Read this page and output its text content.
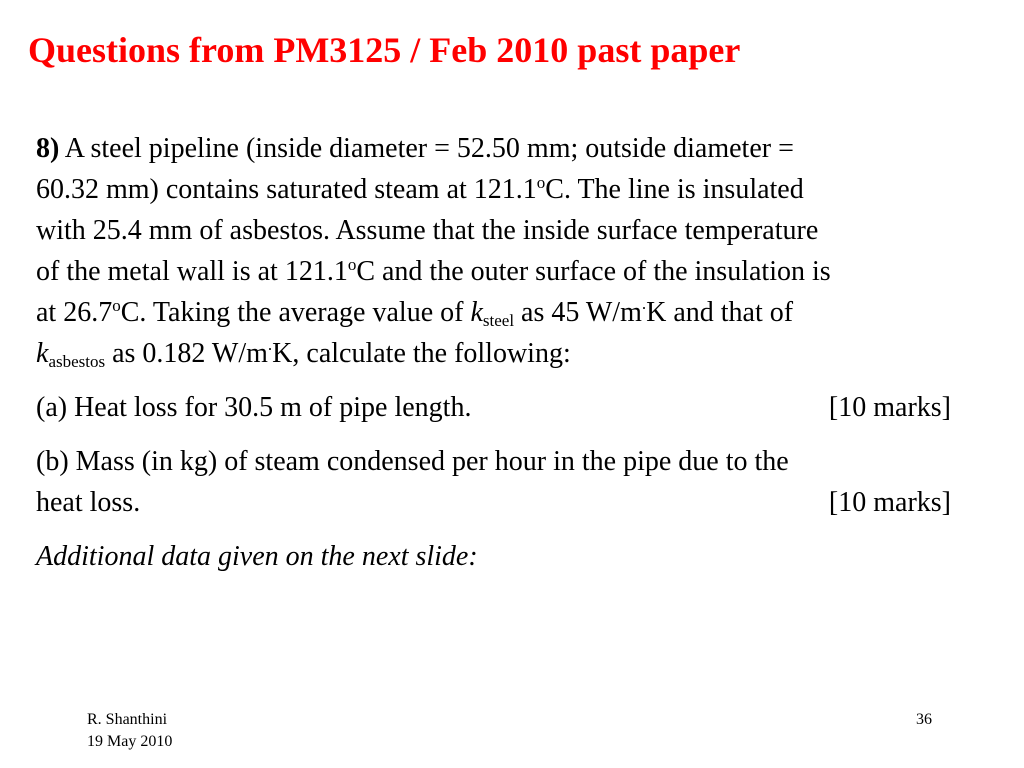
Questions from PM3125 / Feb 2010 past paper

8) A steel pipeline (inside diameter = 52.50 mm; outside diameter =
60.32 mm) contains saturated steam at 121.1$^o$C. The line is insulated
with 25.4 mm of asbestos. Assume that the inside surface temperature
of the metal wall is at 121.1$^o$C and the outer surface of the insulation is
at 26.7$^o$C. Taking the average value of $k_{steel}$ as 45 W/m.K and that of
$k_{asbestos}$ as 0.182 W/m.K, calculate the following:

(a) Heat loss for 30.5 m of pipe length.	[10 marks]
(b) Mass (in kg) of steam condensed per hour in the pipe due to the
heat loss.	[10 marks]

Additional data given on the next slide:

R. Shanthini
19 May 2010
36
